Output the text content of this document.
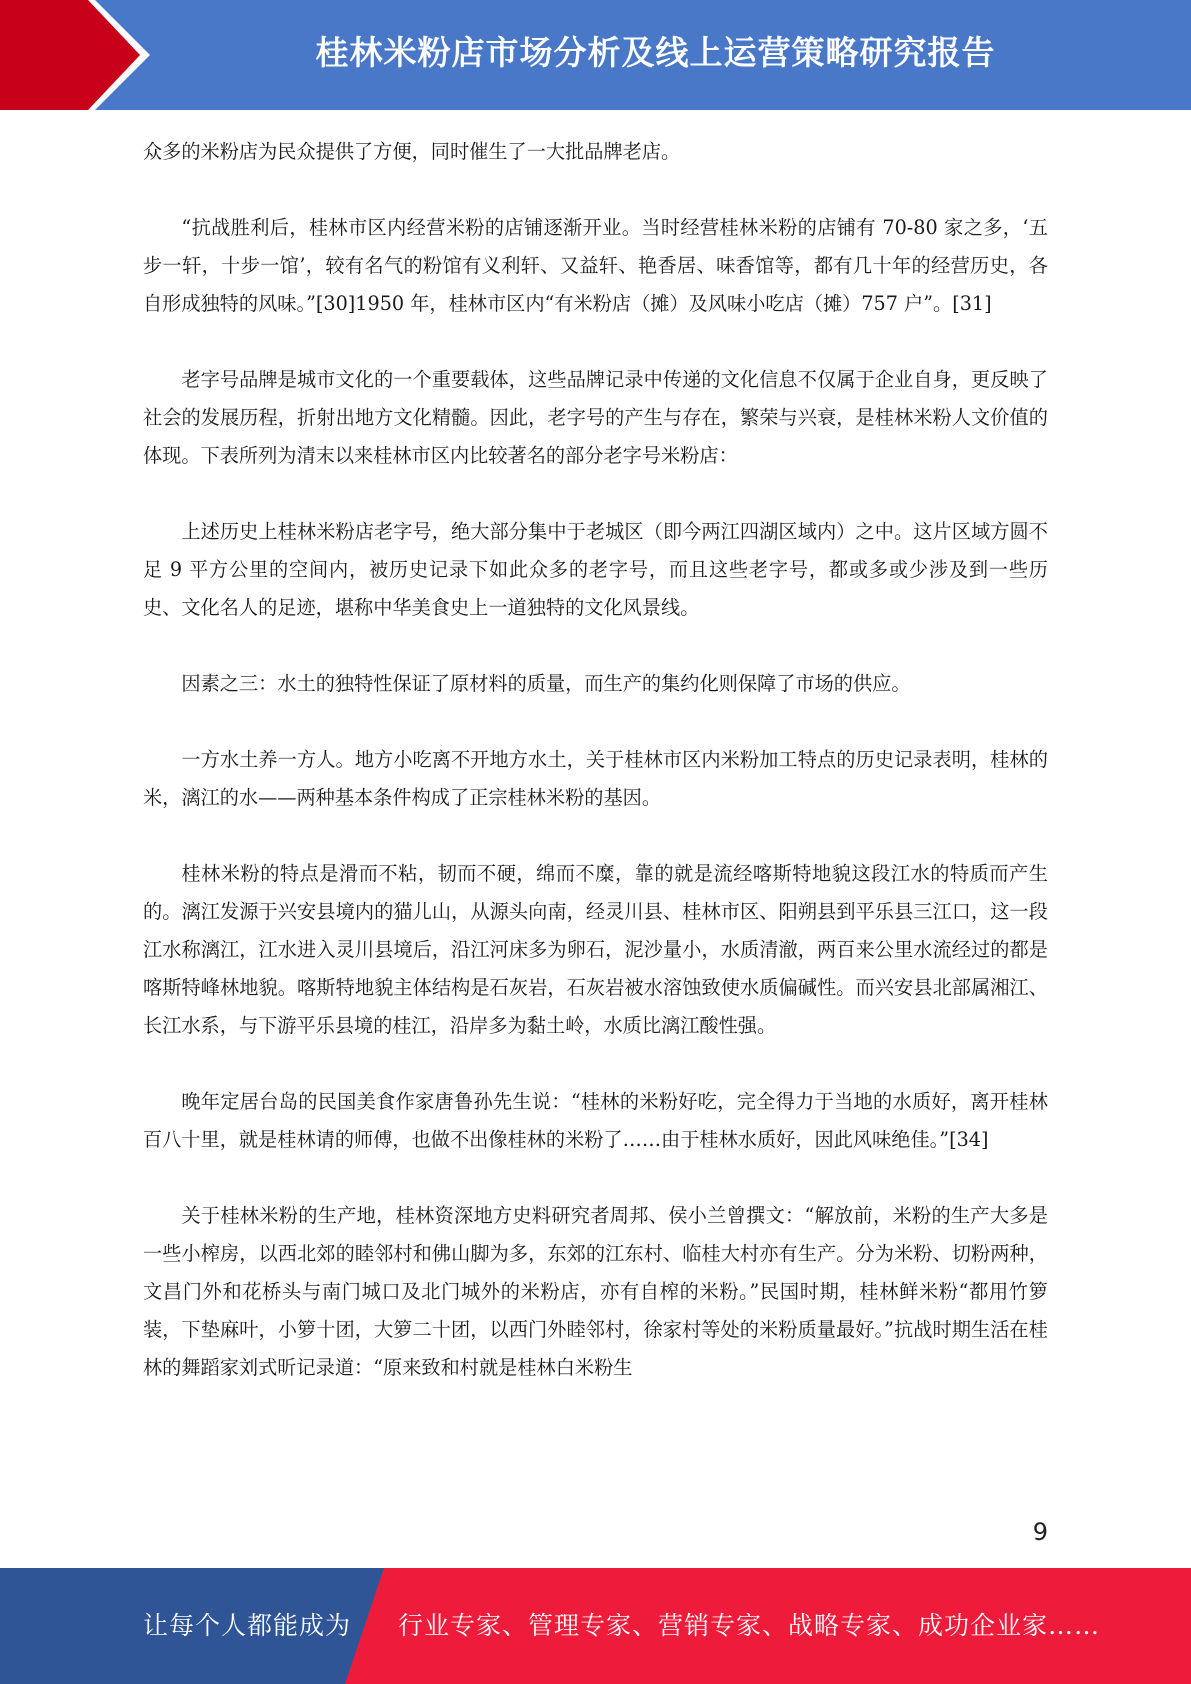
桂林米粉店市场分析及线上运营策略研究报告

众多的米粉店为民众提供了方便，同时催生了一大批品牌老店。

“抗战胜利后，桂林市区内经营米粉的店铺逐渐开业。当时经营桂林米粉的店铺有 70-80 家之多，‘五步一轩，十步一馆’，较有名气的粉馆有义利轩、又益轩、艳香居、味香馆等，都有几十年的经营历史，各自形成独特的风味。”[30]1950 年，桂林市区内“有米粉店（摊）及风味小吃店（摊）757 户”。[31]

老字号品牌是城市文化的一个重要载体，这些品牌记录中传递的文化信息不仅属于企业自身，更反映了社会的发展历程，折射出地方文化精髓。因此，老字号的产生与存在，繁荣与兴衰，是桂林米粉人文价值的体现。下表所列为清末以来桂林市区内比较著名的部分老字号米粉店：

上述历史上桂林米粉店老字号，绝大部分集中于老城区（即今两江四湖区域内）之中。这片区域方圆不足 9 平方公里的空间内，被历史记录下如此众多的老字号，而且这些老字号，都或多或少涉及到一些历史、文化名人的足迹，堪称中华美食史上一道独特的文化风景线。

因素之三：水土的独特性保证了原材料的质量，而生产的集约化则保障了市场的供应。

一方水土养一方人。地方小吃离不开地方水土，关于桂林市区内米粉加工特点的历史记录表明，桂林的米，漓江的水——两种基本条件构成了正宗桂林米粉的基因。

桂林米粉的特点是滑而不粘，韧而不硬，绵而不糜，靠的就是流经喀斯特地貌这段江水的特质而产生的。漓江发源于兴安县境内的猫儿山，从源头向南，经灵川县、桂林市区、阳朔县到平乐县三江口，这一段江水称漓江，江水进入灵川县境后，沿江河床多为卵石，泥沙量小，水质清澈，两百来公里水流经过的都是喀斯特峰林地貌。喀斯特地貌主体结构是石灰岩，石灰岩被水溶蚀致使水质偏碱性。而兴安县北部属湘江、长江水系，与下游平乐县境的桂江，沿岸多为黏土岭，水质比漓江酸性强。

晚年定居台岛的民国美食作家唐鲁孙先生说：“桂林的米粉好吃，完全得力于当地的水质好，离开桂林百八十里，就是桂林请的师傅，也做不出像桂林的米粉了……由于桂林水质好，因此风味绝佳。”[34]

关于桂林米粉的生产地，桂林资深地方史料研究者周邦、侯小兰曾撰文：“解放前，米粉的生产大多是一些小榨房，以西北郊的睦邻村和佛山脚为多，东郊的江东村、临桂大村亦有生产。分为米粉、切粉两种，文昌门外和花桥头与南门城口及北门城外的米粉店，亦有自榨的米粉。”民国时期，桂林鲜米粉“都用竹箩装，下垫麻叶，小箩十团，大箩二十团，以西门外睦邻村，徐家村等处的米粉质量最好。”抗战时期生活在桂林的舞蹈家刘式昕记录道：“原来致和村就是桂林白米粉生

9
让每个人都能成为 行业专家、管理专家、营销专家、战略专家、成功企业家……
